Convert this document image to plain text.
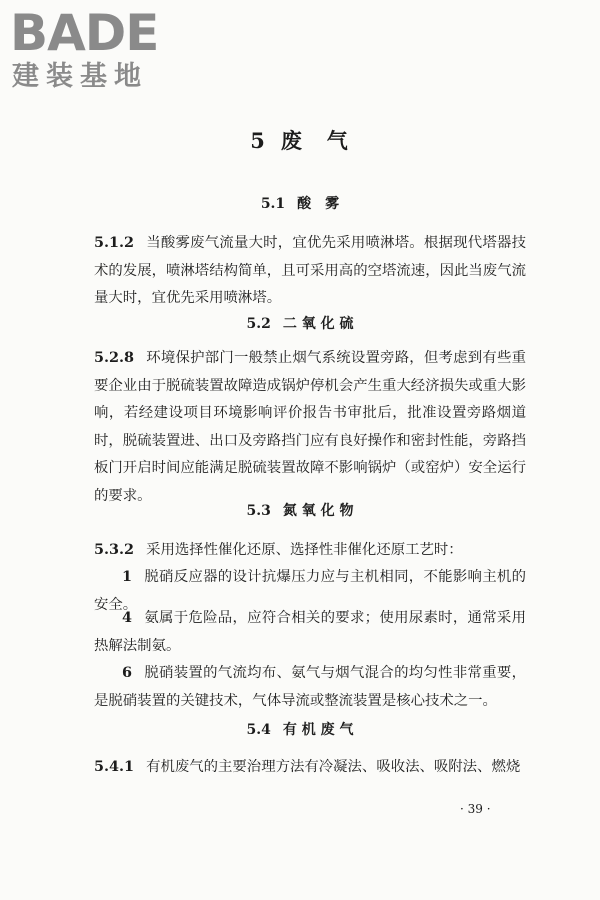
BADE
建装基地
5 废　气
5.1 酸　雾
5.1.2 当酸雾废气流量大时，宜优先采用喷淋塔。根据现代塔器技术的发展，喷淋塔结构简单，且可采用高的空塔流速，因此当废气流量大时，宜优先采用喷淋塔。
5.2 二 氧 化 硫
5.2.8 环境保护部门一般禁止烟气系统设置旁路，但考虑到有些重要企业由于脱硫装置故障造成锅炉停机会产生重大经济损失或重大影响，若经建设项目环境影响评价报告书审批后，批准设置旁路烟道时，脱硫装置进、出口及旁路挡门应有良好操作和密封性能，旁路挡板门开启时间应能满足脱硫装置故障不影响锅炉（或窑炉）安全运行的要求。
5.3 氮 氧 化 物
5.3.2 采用选择性催化还原、选择性非催化还原工艺时：
1 脱硝反应器的设计抗爆压力应与主机相同，不能影响主机的安全。
4 氨属于危险品，应符合相关的要求；使用尿素时，通常采用热解法制氨。
6 脱硝装置的气流均布、氨气与烟气混合的均匀性非常重要，是脱硝装置的关键技术，气体导流或整流装置是核心技术之一。
5.4 有 机 废 气
5.4.1 有机废气的主要治理方法有冷凝法、吸收法、吸附法、燃烧
· 39 ·
